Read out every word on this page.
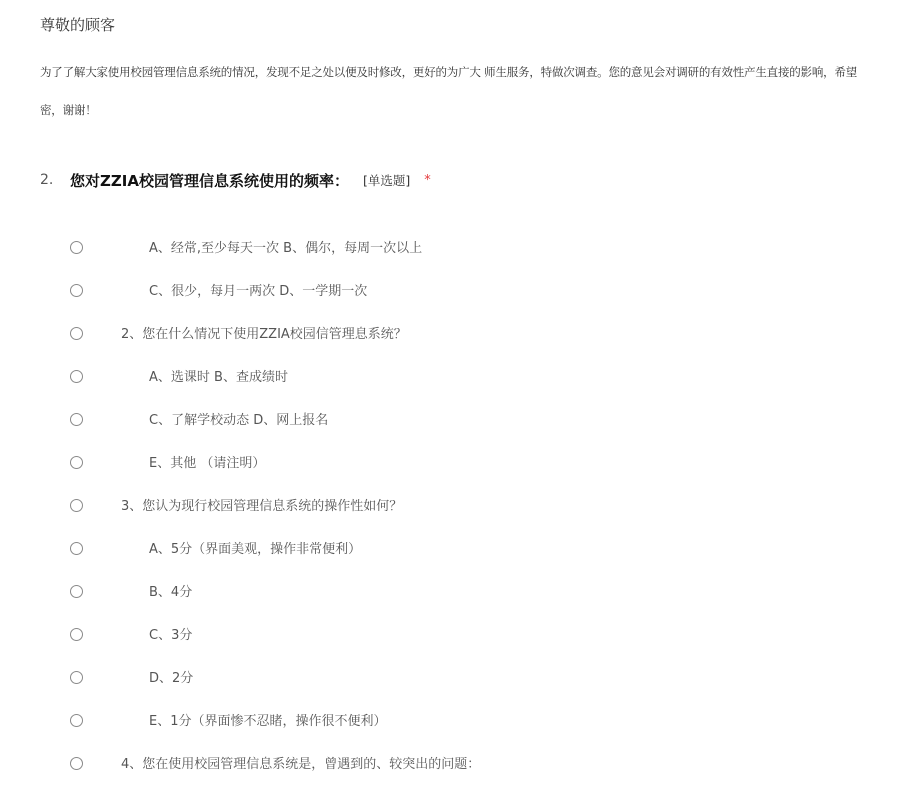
尊敬的顾客
为了了解大家使用校园管理信息系统的情况，发现不足之处以便及时修改，更好的为广大 师生服务，特做次调查。您的意见会对调研的有效性产生直接的影响，希望
密，谢谢！
2.	您对ZZIA校园管理信息系统使用的频率： [单选题] *
A、经常,至少每天一次 B、偶尔，每周一次以上
C、很少，每月一两次 D、一学期一次
2、您在什么情况下使用ZZIA校园信管理息系统？
A、选课时 B、查成绩时
C、了解学校动态 D、网上报名
E、其他 （请注明）
3、您认为现行校园管理信息系统的操作性如何？
A、5分（界面美观，操作非常便利）
B、4分
C、3分
D、2分
E、1分（界面惨不忍睹，操作很不便利）
4、您在使用校园管理信息系统是，曾遇到的、较突出的问题：
